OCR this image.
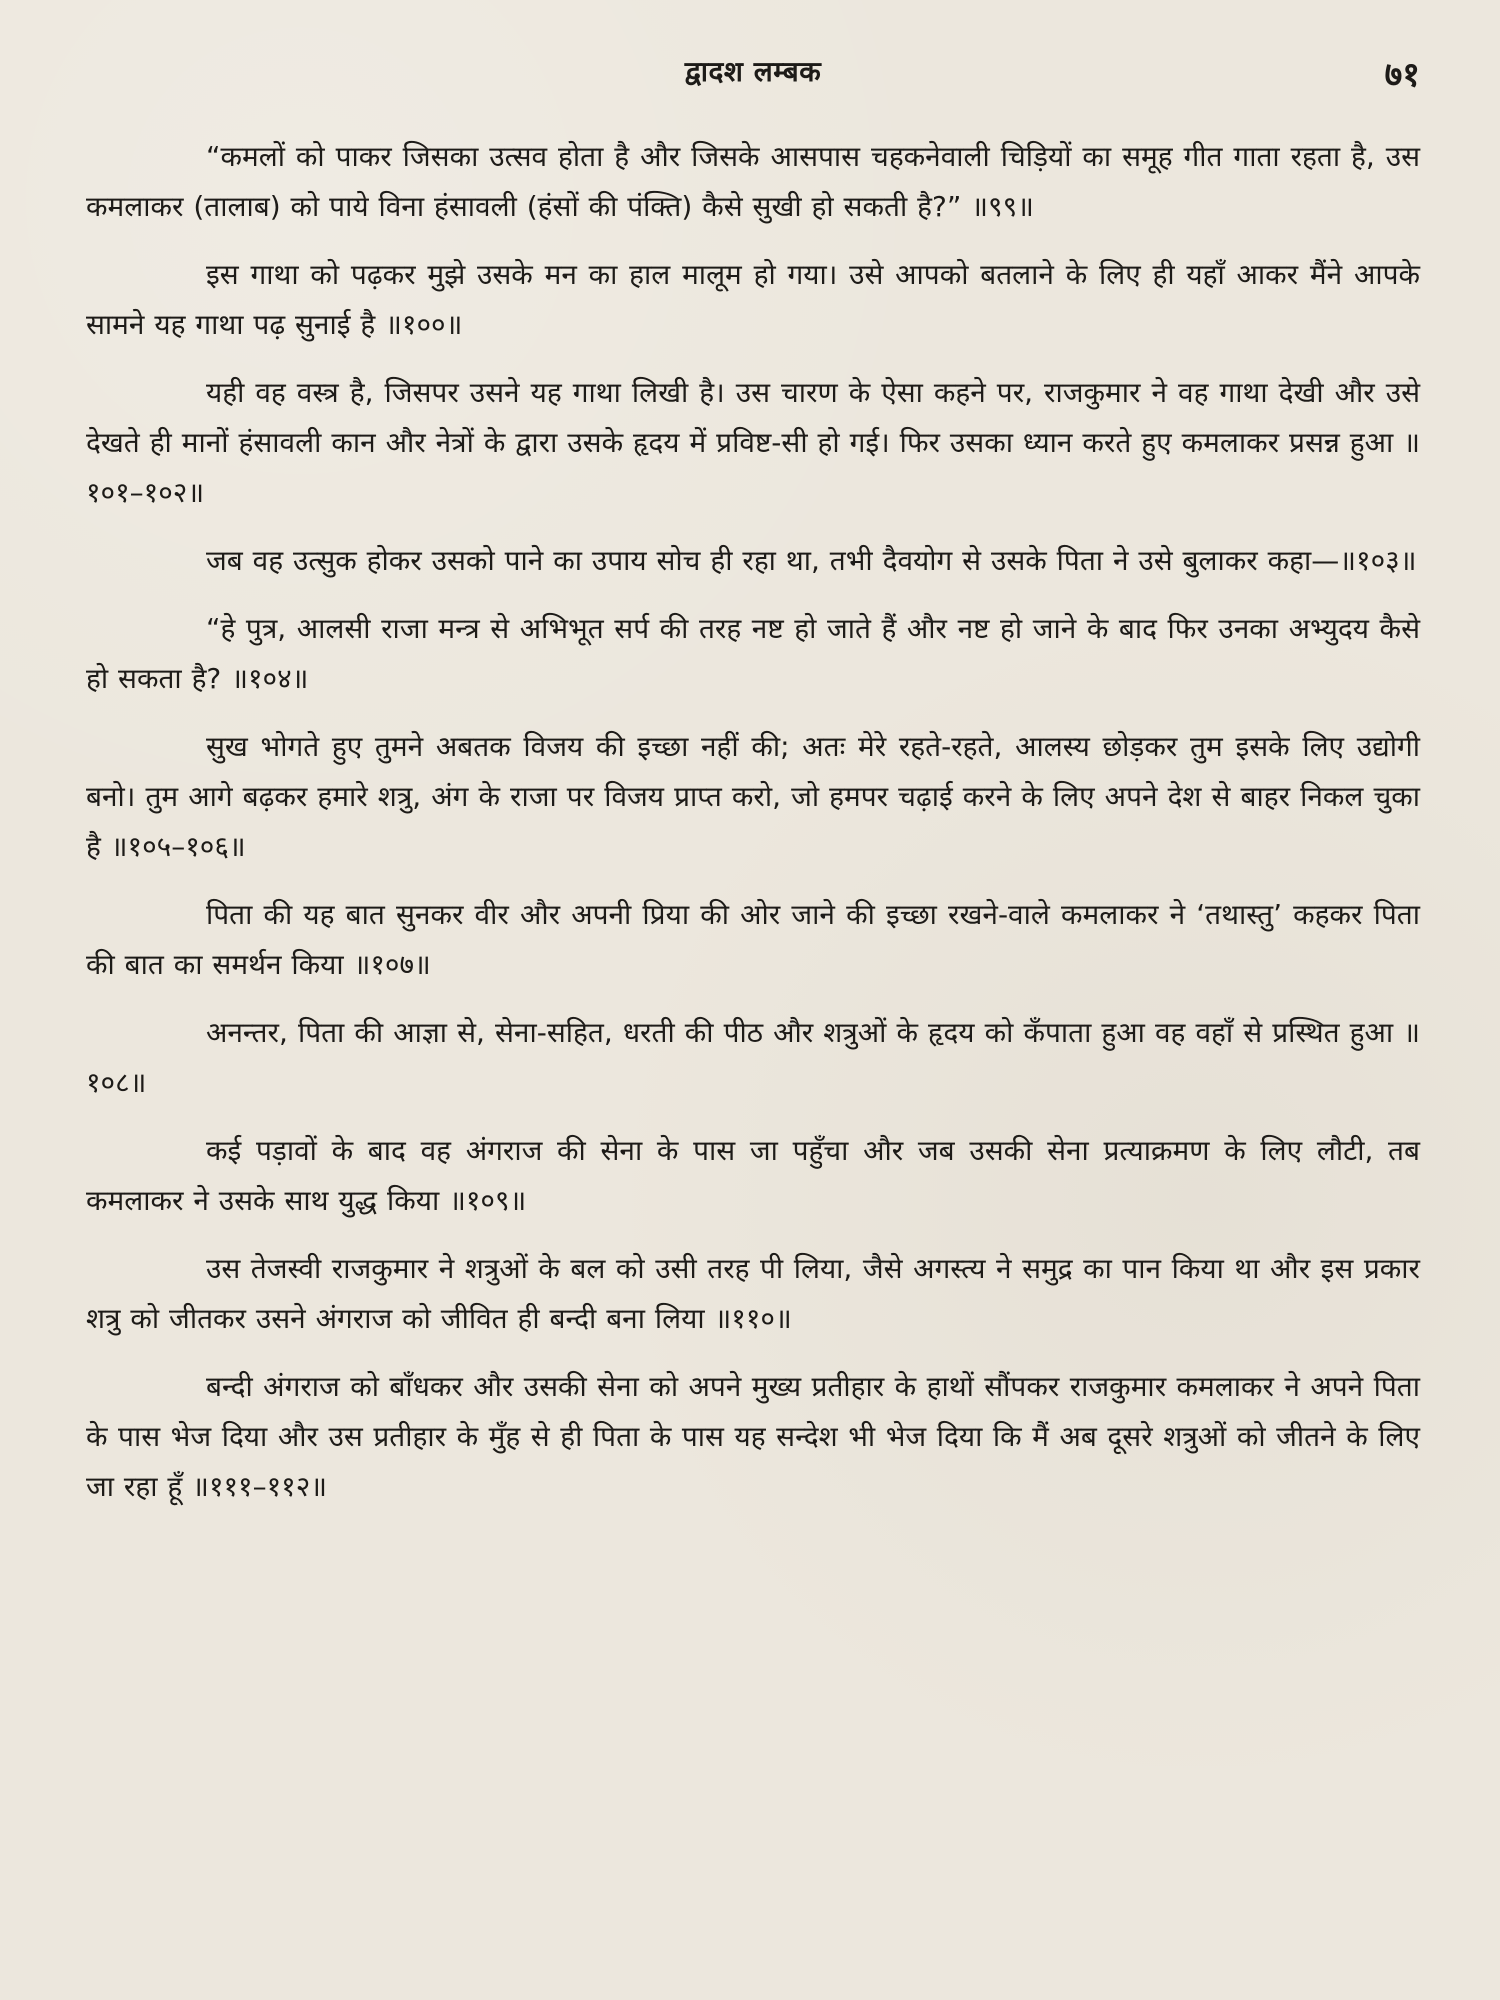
द्वादश लम्बक	७१

“कमलों को पाकर जिसका उत्सव होता है और जिसके आसपास चहकनेवाली चिड़ियों का समूह गीत गाता रहता है, उस कमलाकर (तालाब) को पाये विना हंसावली (हंसों की पंक्ति) कैसे सुखी हो सकती है?” ॥९९॥

इस गाथा को पढ़कर मुझे उसके मन का हाल मालूम हो गया। उसे आपको बतलाने के लिए ही यहाँ आकर मैंने आपके सामने यह गाथा पढ़ सुनाई है ॥१००॥

यही वह वस्त्र है, जिसपर उसने यह गाथा लिखी है। उस चारण के ऐसा कहने पर, राजकुमार ने वह गाथा देखी और उसे देखते ही मानों हंसावली कान और नेत्रों के द्वारा उसके हृदय में प्रविष्ट-सी हो गई। फिर उसका ध्यान करते हुए कमलाकर प्रसन्न हुआ ॥१०१–१०२॥

जब वह उत्सुक होकर उसको पाने का उपाय सोच ही रहा था, तभी दैवयोग से उसके पिता ने उसे बुलाकर कहा—॥१०३॥

“हे पुत्र, आलसी राजा मन्त्र से अभिभूत सर्प की तरह नष्ट हो जाते हैं और नष्ट हो जाने के बाद फिर उनका अभ्युदय कैसे हो सकता है? ॥१०४॥

सुख भोगते हुए तुमने अबतक विजय की इच्छा नहीं की; अतः मेरे रहते-रहते, आलस्य छोड़कर तुम इसके लिए उद्योगी बनो। तुम आगे बढ़कर हमारे शत्रु, अंग के राजा पर विजय प्राप्त करो, जो हमपर चढ़ाई करने के लिए अपने देश से बाहर निकल चुका है ॥१०५–१०६॥

पिता की यह बात सुनकर वीर और अपनी प्रिया की ओर जाने की इच्छा रखने-वाले कमलाकर ने ‘तथास्तु’ कहकर पिता की बात का समर्थन किया ॥१०७॥

अनन्तर, पिता की आज्ञा से, सेना-सहित, धरती की पीठ और शत्रुओं के हृदय को कँपाता हुआ वह वहाँ से प्रस्थित हुआ ॥१०८॥

कई पड़ावों के बाद वह अंगराज की सेना के पास जा पहुँचा और जब उसकी सेना प्रत्याक्रमण के लिए लौटी, तब कमलाकर ने उसके साथ युद्ध किया ॥१०९॥

उस तेजस्वी राजकुमार ने शत्रुओं के बल को उसी तरह पी लिया, जैसे अगस्त्य ने समुद्र का पान किया था और इस प्रकार शत्रु को जीतकर उसने अंगराज को जीवित ही बन्दी बना लिया ॥११०॥

बन्दी अंगराज को बाँधकर और उसकी सेना को अपने मुख्य प्रतीहार के हाथों सौंपकर राजकुमार कमलाकर ने अपने पिता के पास भेज दिया और उस प्रतीहार के मुँह से ही पिता के पास यह सन्देश भी भेज दिया कि मैं अब दूसरे शत्रुओं को जीतने के लिए जा रहा हूँ ॥१११–११२॥
